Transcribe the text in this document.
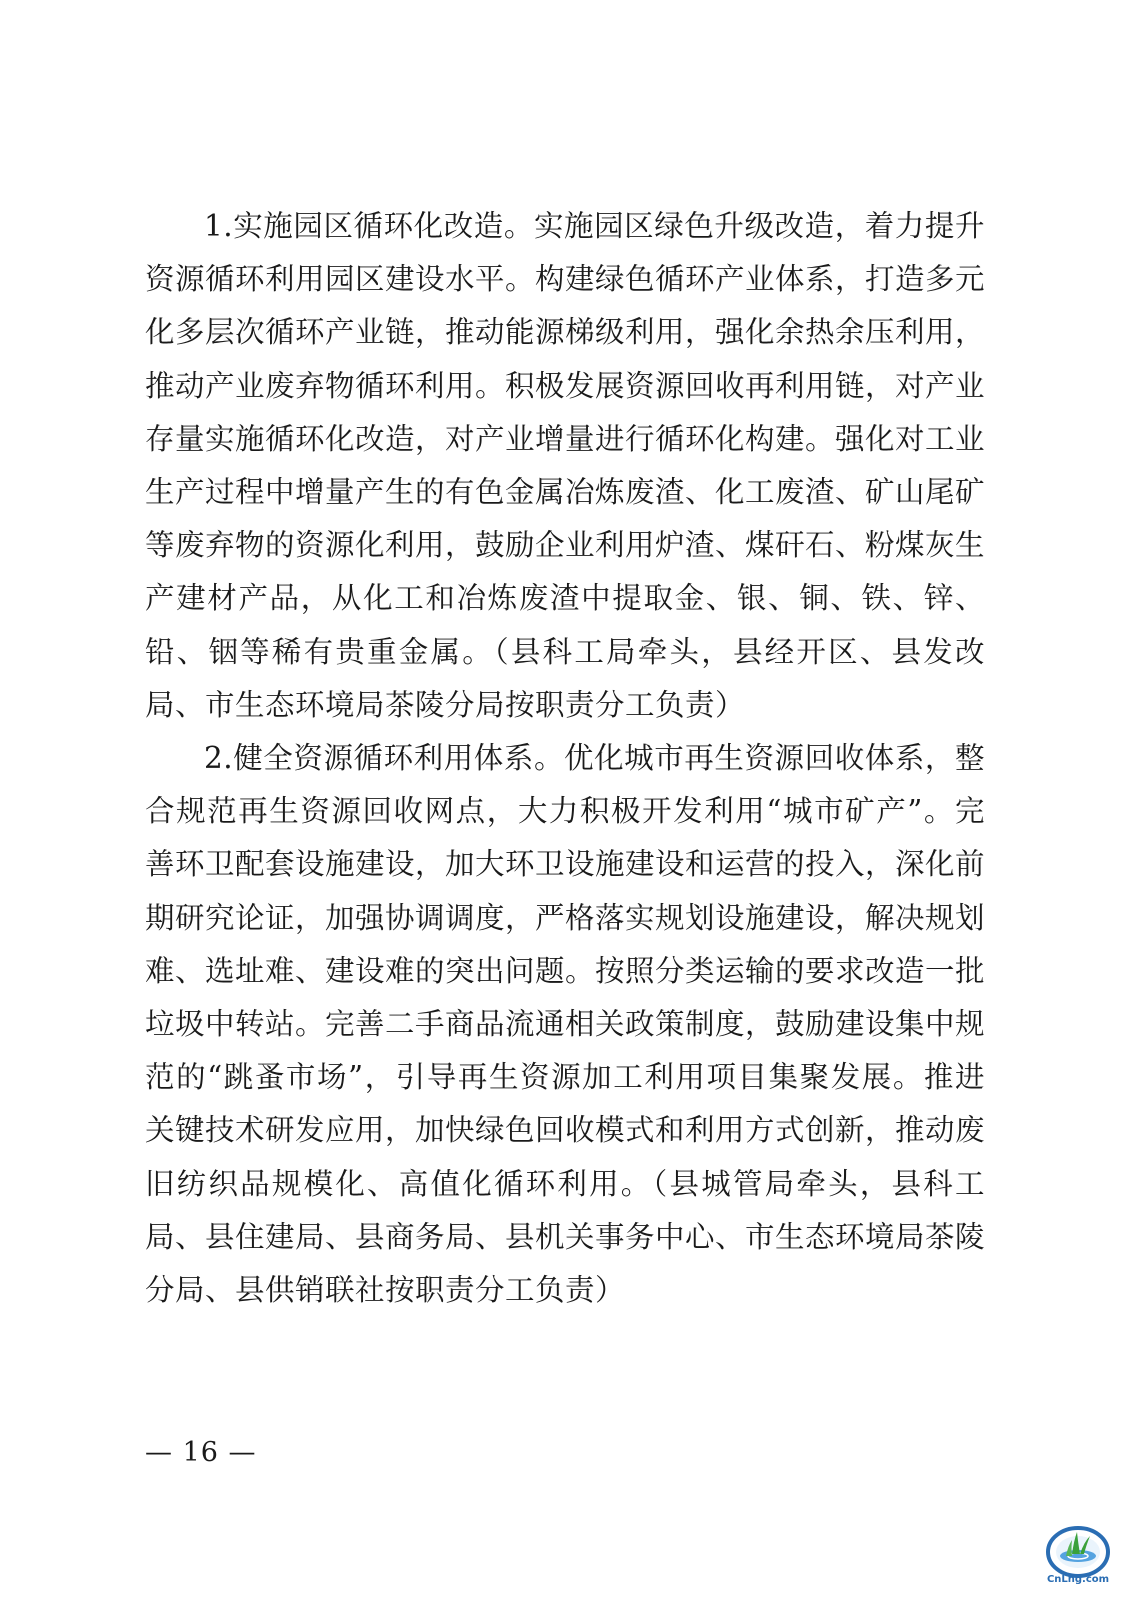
1.实施园区循环化改造。实施园区绿色升级改造，着力提升资源循环利用园区建设水平。构建绿色循环产业体系，打造多元化多层次循环产业链，推动能源梯级利用，强化余热余压利用，推动产业废弃物循环利用。积极发展资源回收再利用链，对产业存量实施循环化改造，对产业增量进行循环化构建。强化对工业生产过程中增量产生的有色金属冶炼废渣、化工废渣、矿山尾矿等废弃物的资源化利用，鼓励企业利用炉渣、煤矸石、粉煤灰生产建材产品，从化工和冶炼废渣中提取金、银、铜、铁、锌、铅、铟等稀有贵重金属。（县科工局牵头，县经开区、县发改局、市生态环境局茶陵分局按职责分工负责）

2.健全资源循环利用体系。优化城市再生资源回收体系，整合规范再生资源回收网点，大力积极开发利用“城市矿产”。完善环卫配套设施建设，加大环卫设施建设和运营的投入，深化前期研究论证，加强协调调度，严格落实规划设施建设，解决规划难、选址难、建设难的突出问题。按照分类运输的要求改造一批垃圾中转站。完善二手商品流通相关政策制度，鼓励建设集中规范的“跳蚤市场”，引导再生资源加工利用项目集聚发展。推进关键技术研发应用，加快绿色回收模式和利用方式创新，推动废旧纺织品规模化、高值化循环利用。（县城管局牵头，县科工局、县住建局、县商务局、县机关事务中心、市生态环境局茶陵分局、县供销联社按职责分工负责）

— 16 —
CnLng.com
